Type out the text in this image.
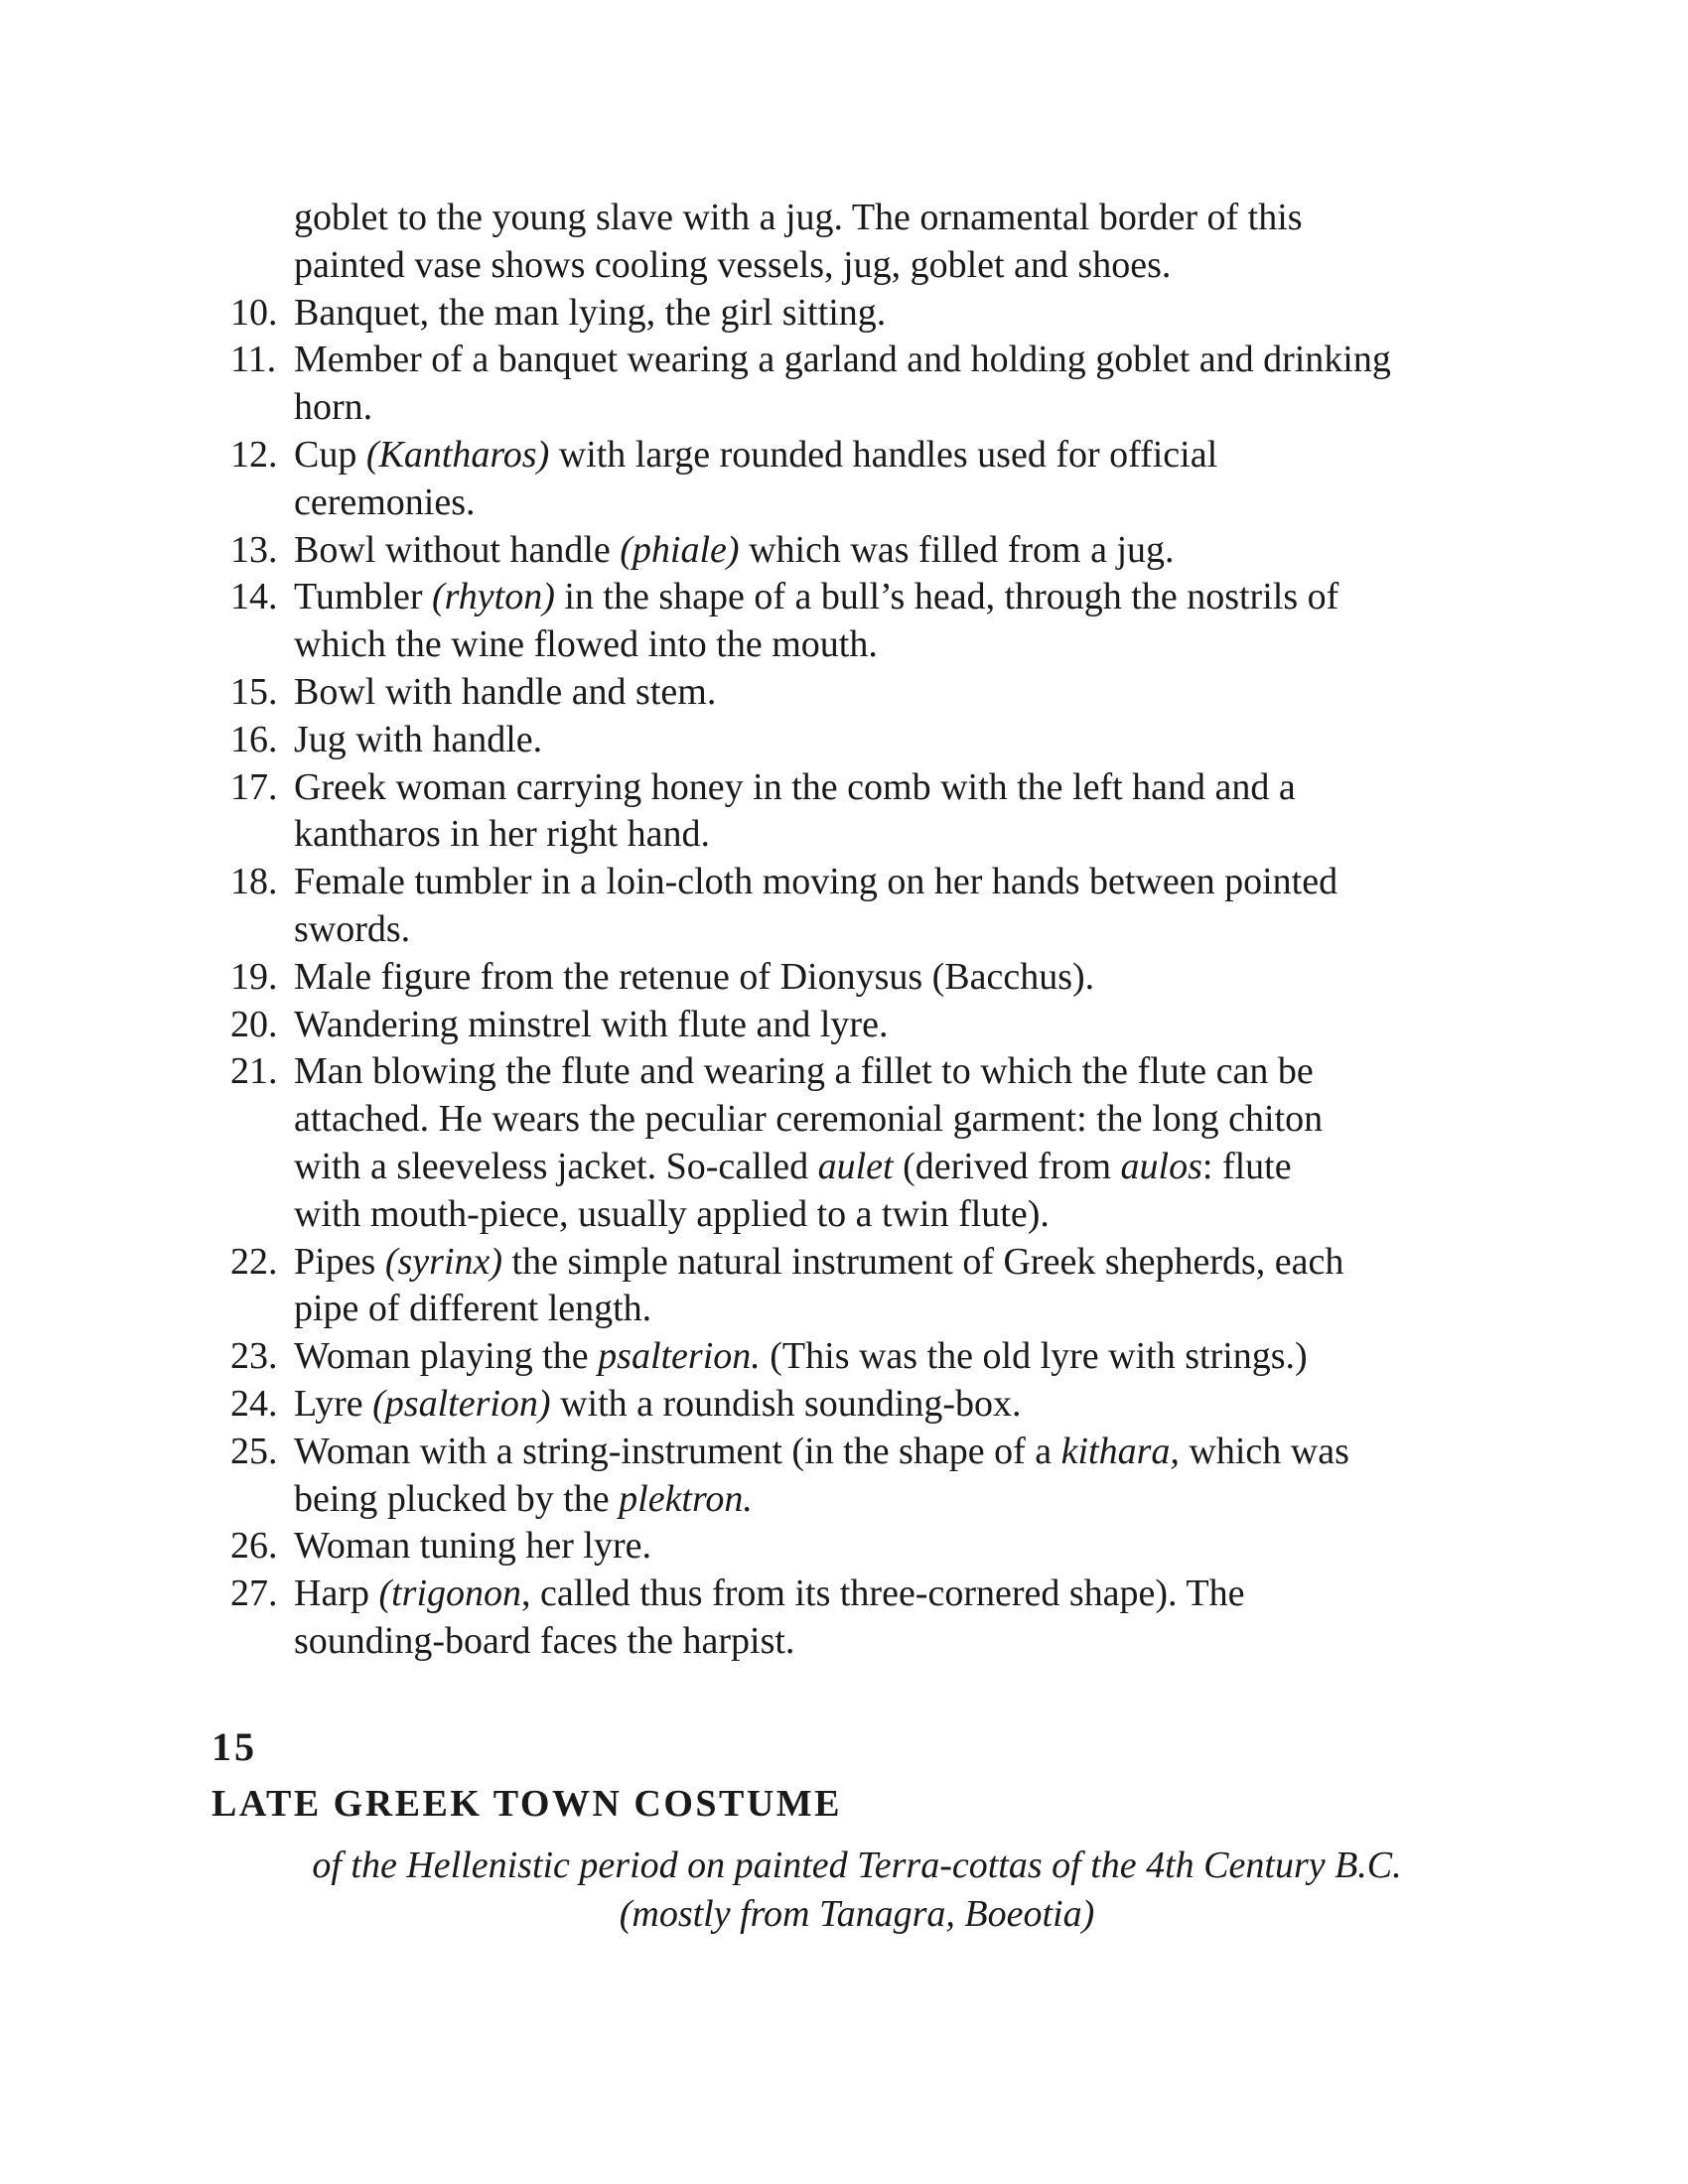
goblet to the young slave with a jug. The ornamental border of this
painted vase shows cooling vessels, jug, goblet and shoes.
10. Banquet, the man lying, the girl sitting.
11. Member of a banquet wearing a garland and holding goblet and drinking
horn.
12. Cup (Kantharos) with large rounded handles used for official
ceremonies.
13. Bowl without handle (phiale) which was filled from a jug.
14. Tumbler (rhyton) in the shape of a bull’s head, through the nostrils of
which the wine flowed into the mouth.
15. Bowl with handle and stem.
16. Jug with handle.
17. Greek woman carrying honey in the comb with the left hand and a
kantharos in her right hand.
18. Female tumbler in a loin-cloth moving on her hands between pointed
swords.
19. Male figure from the retenue of Dionysus (Bacchus).
20. Wandering minstrel with flute and lyre.
21. Man blowing the flute and wearing a fillet to which the flute can be
attached. He wears the peculiar ceremonial garment: the long chiton
with a sleeveless jacket. So-called aulet (derived from aulos: flute
with mouth-piece, usually applied to a twin flute).
22. Pipes (syrinx) the simple natural instrument of Greek shepherds, each
pipe of different length.
23. Woman playing the psalterion. (This was the old lyre with strings.)
24. Lyre (psalterion) with a roundish sounding-box.
25. Woman with a string-instrument (in the shape of a kithara, which was
being plucked by the plektron.
26. Woman tuning her lyre.
27. Harp (trigonon, called thus from its three-cornered shape). The
sounding-board faces the harpist.
15
LATE GREEK TOWN COSTUME
of the Hellenistic period on painted Terra-cottas of the 4th Century B.C.
(mostly from Tanagra, Boeotia)
